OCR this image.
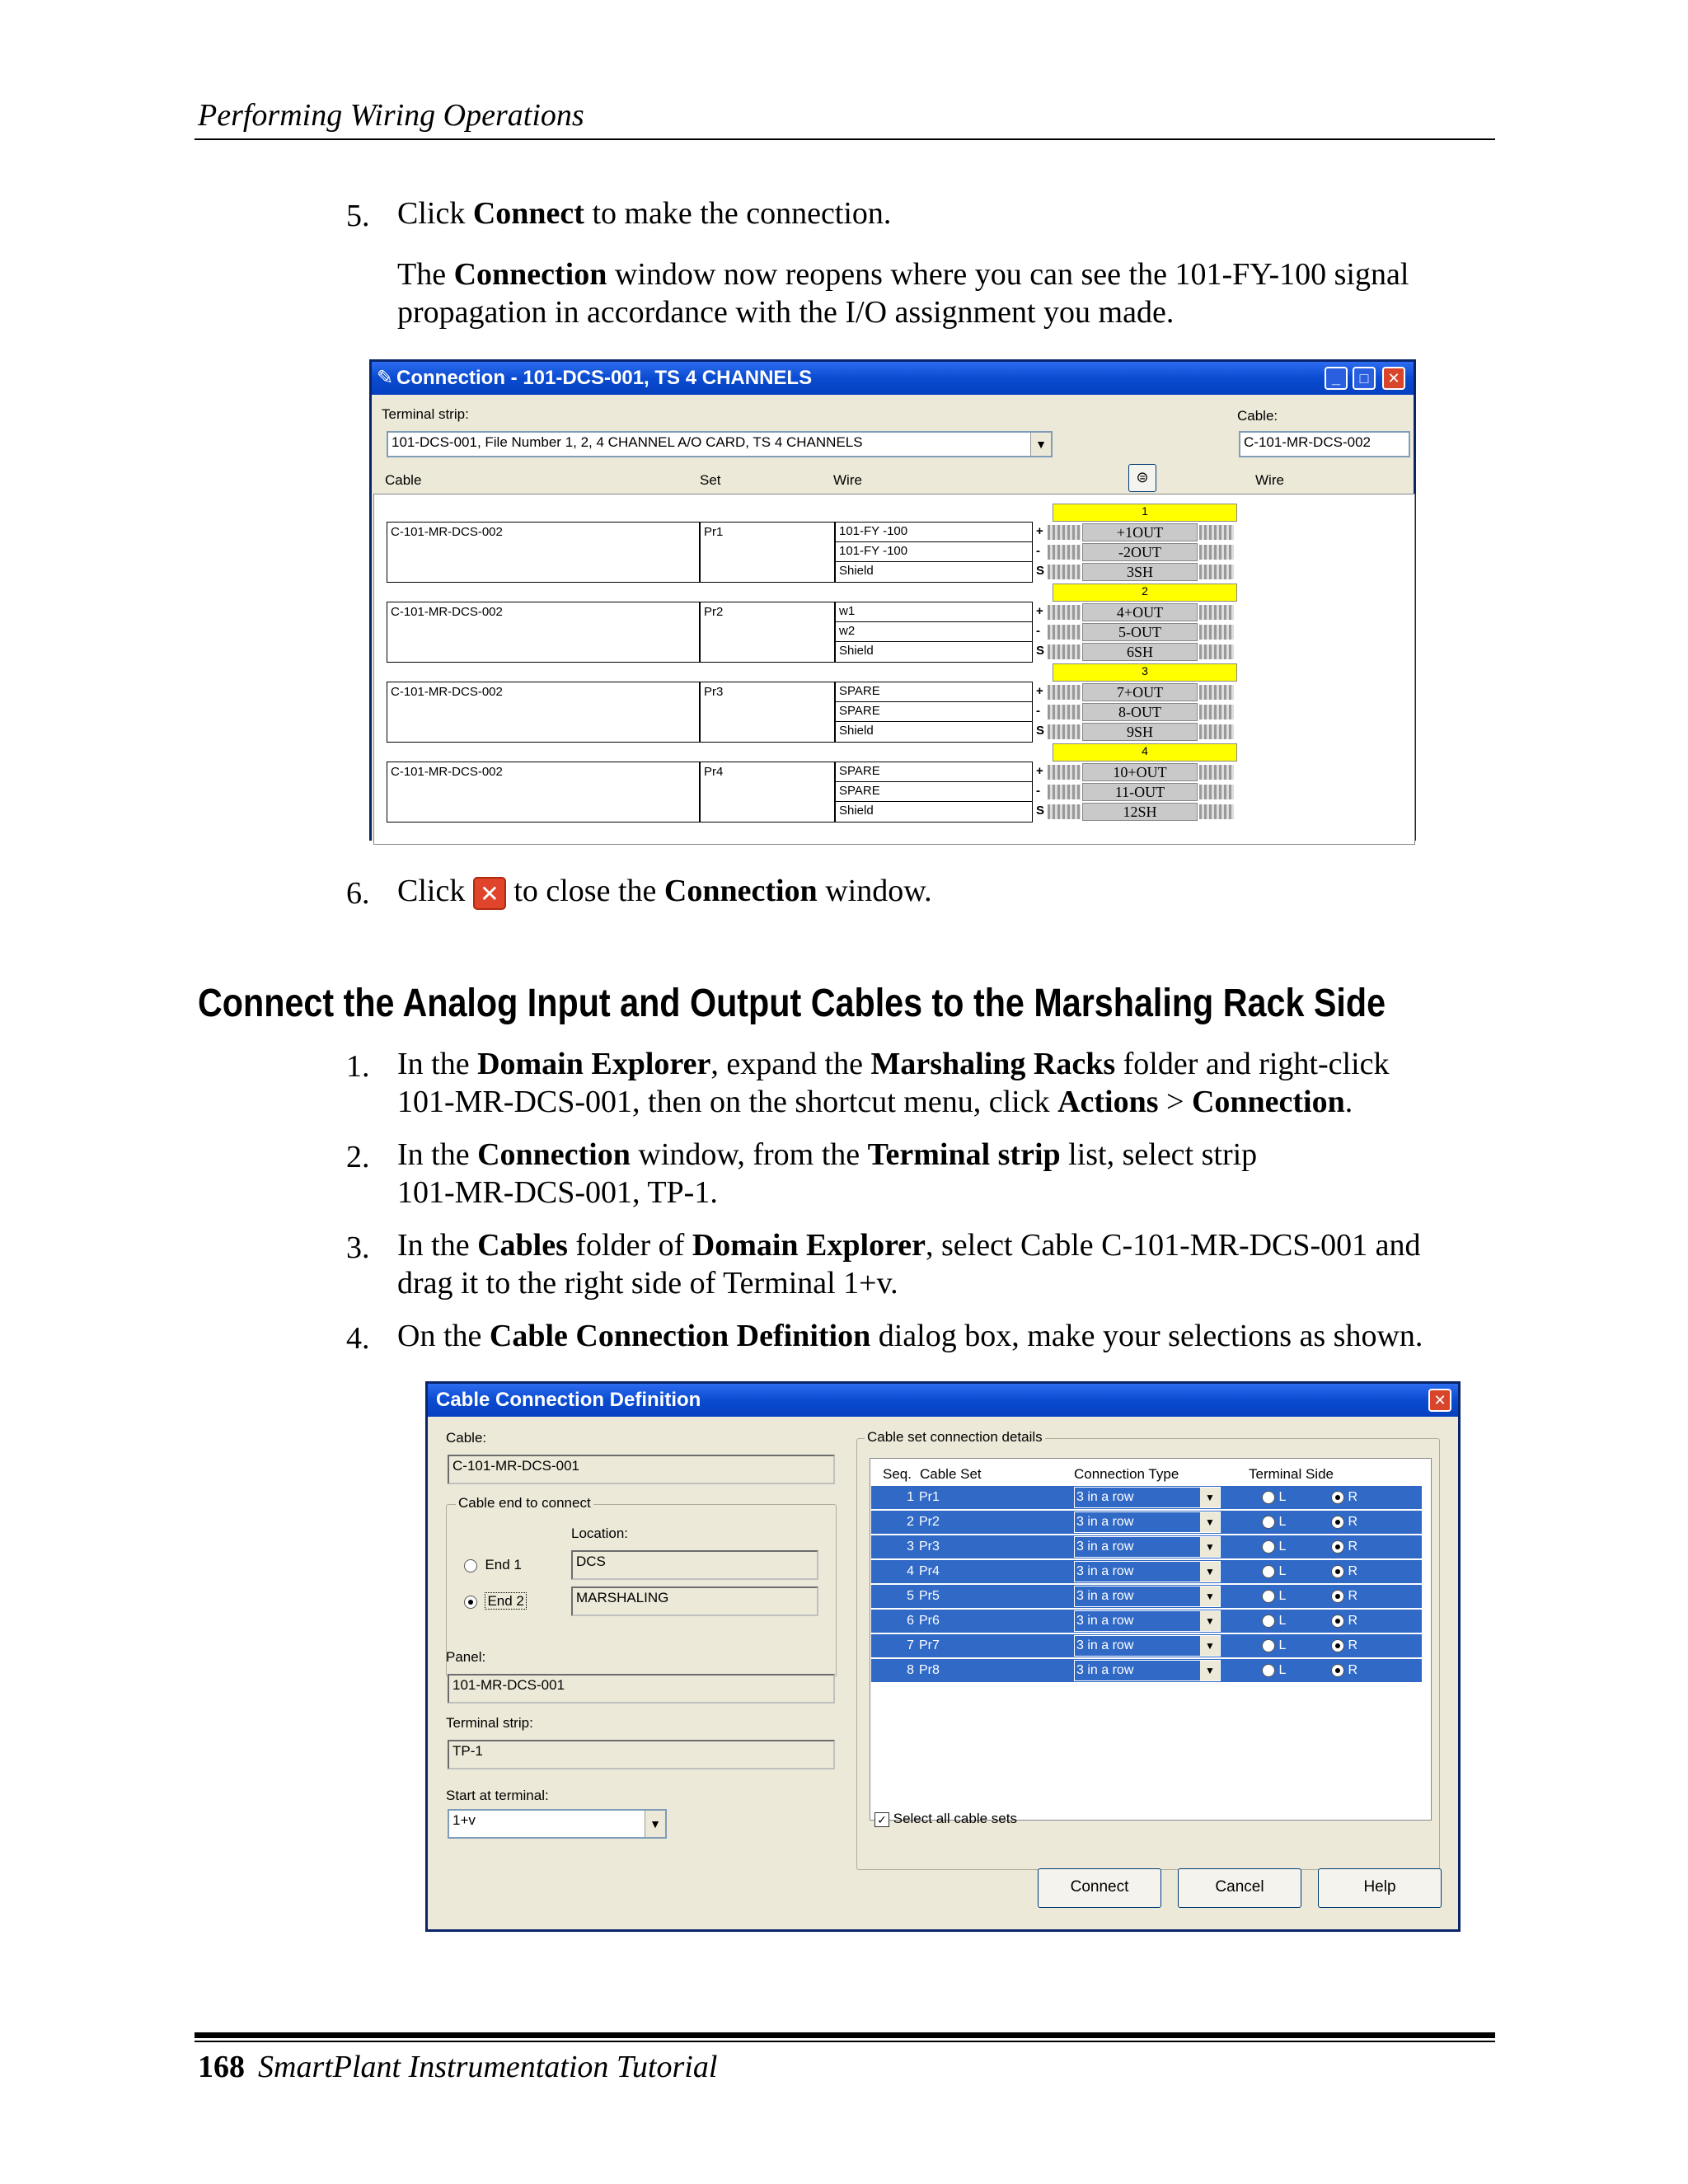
Performing Wiring Operations
5. Click Connect to make the connection.
The Connection window now reopens where you can see the 101-FY-100 signal
propagation in accordance with the I/O assignment you made.
✎ Connection - 101-DCS-001, TS 4 CHANNELS	_	□	✕
Terminal strip:
101-DCS-001, File Number 1, 2, 4 CHANNEL A/O CARD, TS 4 CHANNELS	▼
Cable:
C-101-MR-DCS-002
Cable	Set	Wire	⊜	Wire
1
C-101-MR-DCS-002	Pr1	101-FY -100	+	+1OUT
101-FY -100	-	-2OUT
Shield	S	3SH
2
C-101-MR-DCS-002	Pr2	w1	+	4+OUT
w2	-	5-OUT
Shield	S	6SH
3
C-101-MR-DCS-002	Pr3	SPARE	+	7+OUT
SPARE	-	8-OUT
Shield	S	9SH
4
C-101-MR-DCS-002	Pr4	SPARE	+	10+OUT
SPARE	-	11-OUT
Shield	S	12SH
6. Click ✕ to close the Connection window.
Connect the Analog Input and Output Cables to the Marshaling Rack Side
1. In the Domain Explorer, expand the Marshaling Racks folder and right-click
101-MR-DCS-001, then on the shortcut menu, click Actions > Connection.
2. In the Connection window, from the Terminal strip list, select strip
101-MR-DCS-001, TP-1.
3. In the Cables folder of Domain Explorer, select Cable C-101-MR-DCS-001 and
drag it to the right side of Terminal 1+v.
4. On the Cable Connection Definition dialog box, make your selections as shown.
Cable Connection Definition	✕
Cable:
C-101-MR-DCS-001
Cable end to connect
Location:
End 1	DCS
End 2	MARSHALING
Panel:
101-MR-DCS-001
Terminal strip:
TP-1
Start at terminal:
1+v	▼
Cable set connection details
Seq. Cable Set	Connection Type	Terminal Side
1 Pr1	3 in a row	▼	L	R
2 Pr2	3 in a row	▼	L	R
3 Pr3	3 in a row	▼	L	R
4 Pr4	3 in a row	▼	L	R
5 Pr5	3 in a row	▼	L	R
6 Pr6	3 in a row	▼	L	R
7 Pr7	3 in a row	▼	L	R
8 Pr8	3 in a row	▼	L	R
✓ Select all cable sets
Connect	Cancel	Help
168 SmartPlant Instrumentation Tutorial
